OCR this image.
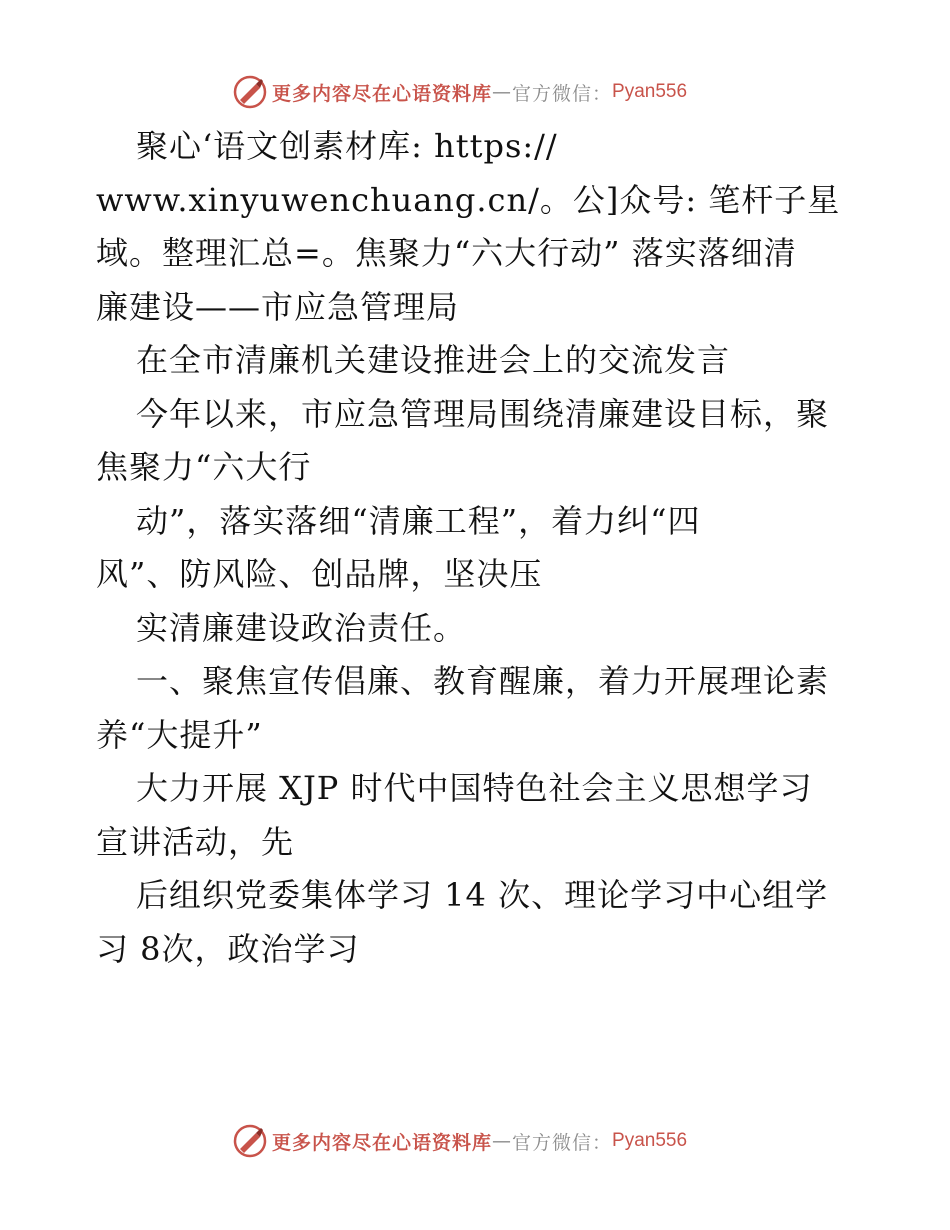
更多内容尽在心语资料库 — 官方微信： Pyan556
聚心‘语文创素材库: https://
www.xinyuwenchuang.cn/。公]众号: 笔杆子星
域。整理汇总=。焦聚力“六大行动” 落实落细清
廉建设——市应急管理局
在全市清廉机关建设推进会上的交流发言
今年以来，市应急管理局围绕清廉建设目标，聚
焦聚力“六大行
动”，落实落细“清廉工程”，着力纠“四
风”、防风险、创品牌，坚决压
实清廉建设政治责任。
一、聚焦宣传倡廉、教育醒廉，着力开展理论素
养“大提升”
大力开展 XJP 时代中国特色社会主义思想学习
宣讲活动，先
后组织党委集体学习 14 次、理论学习中心组学
习 8次，政治学习
更多内容尽在心语资料库 — 官方微信： Pyan556
